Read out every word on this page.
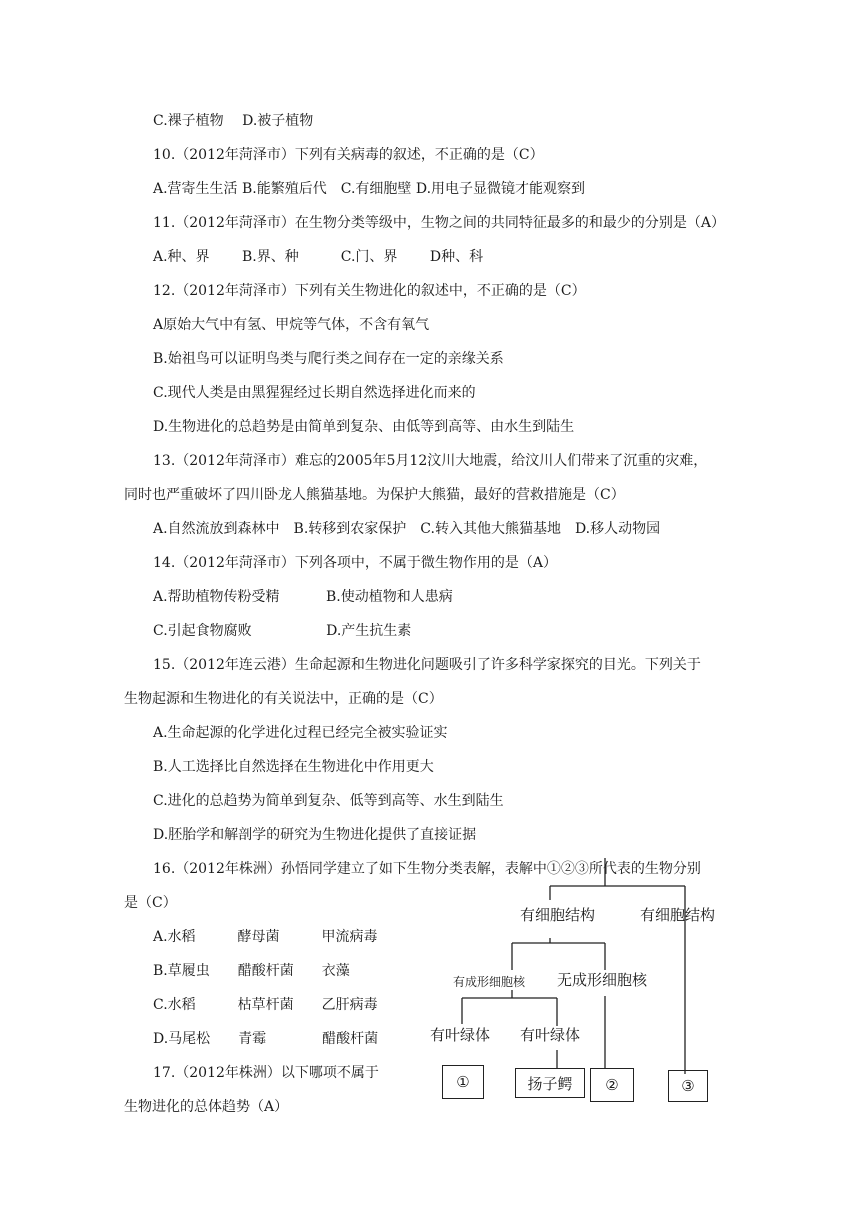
C.裸子植物　 D.被子植物
10.（2012年菏泽市）下列有关病毒的叙述，不正确的是（C）
A.营寄生生活 B.能繁殖后代　C.有细胞壁 D.用电子显微镜才能观察到
11.（2012年菏泽市）在生物分类等级中，生物之间的共同特征最多的和最少的分别是（A）
A.种、界　　 B.界、种　　　C.门、界　　 D种、科
12.（2012年菏泽市）下列有关生物进化的叙述中，不正确的是（C）
A原始大气中有氢、甲烷等气体，不含有氧气
B.始祖鸟可以证明鸟类与爬行类之间存在一定的亲缘关系
C.现代人类是由黑猩猩经过长期自然选择进化而来的
D.生物进化的总趋势是由简单到复杂、由低等到高等、由水生到陆生
13.（2012年菏泽市）难忘的2005年5月12汶川大地震，给汶川人们带来了沉重的灾难，
同时也严重破坏了四川卧龙人熊猫基地。为保护大熊猫，最好的营救措施是（C）
A.自然流放到森林中　B.转移到农家保护　C.转入其他大熊猫基地　D.移人动物园
14.（2012年菏泽市）下列各项中，不属于微生物作用的是（A）
A.帮助植物传粉受精　　　 B.使动植物和人患病
C.引起食物腐败　　　　　 D.产生抗生素
15.（2012年连云港）生命起源和生物进化问题吸引了许多科学家探究的目光。下列关于
生物起源和生物进化的有关说法中，正确的是（C）
A.生命起源的化学进化过程已经完全被实验证实
B.人工选择比自然选择在生物进化中作用更大
C.进化的总趋势为简单到复杂、低等到高等、水生到陆生
D.胚胎学和解剖学的研究为生物进化提供了直接证据
16.（2012年株洲）孙悟同学建立了如下生物分类表解，表解中①②③所代表的生物分别
是（C）
A.水稻　　　酵母菌　　　甲流病毒
B.草履虫　　醋酸杆菌　　衣藻
C.水稻　　　枯草杆菌　　乙肝病毒
D.马尾松　　青霉　　　　醋酸杆菌
17.（2012年株洲）以下哪项不属于
生物进化的总体趋势（A）
有细胞结构	有细胞结构
有成形细胞核 无成形细胞核
有叶绿体 有叶绿体
①	扬子鳄	②	③
